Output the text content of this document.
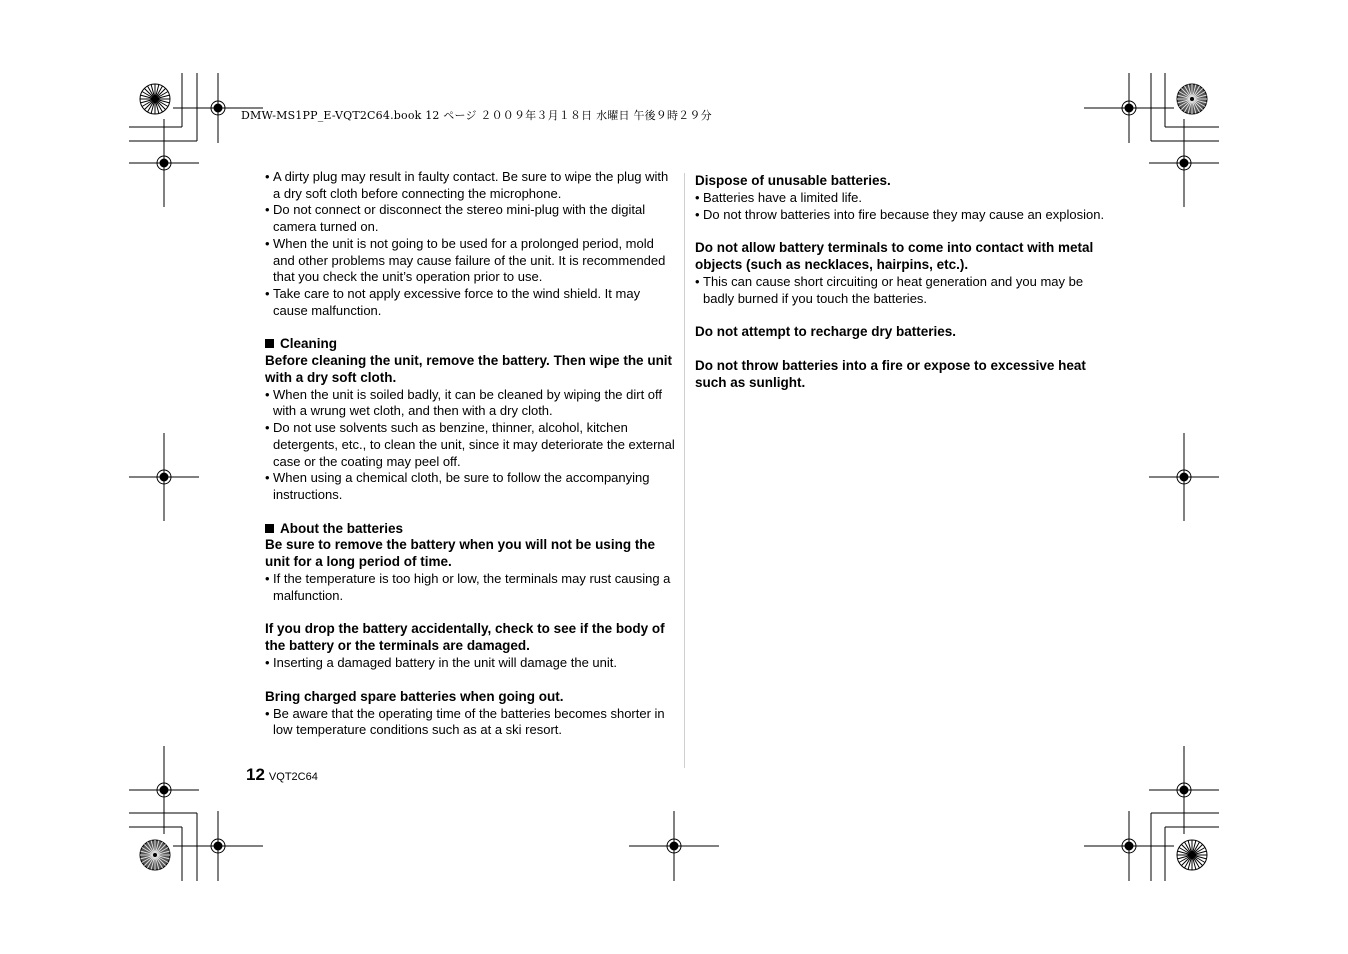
DMW-MS1PP_E-VQT2C64.book 12 ページ ２００９年３月１８日 水曜日 午後９時２９分

• A dirty plug may result in faulty contact. Be sure to wipe the plug with a dry soft cloth before connecting the microphone.

• Do not connect or disconnect the stereo mini-plug with the digital camera turned on.

• When the unit is not going to be used for a prolonged period, mold and other problems may cause failure of the unit. It is recommended that you check the unit’s operation prior to use.

• Take care to not apply excessive force to the wind shield. It may cause malfunction.

Cleaning

Before cleaning the unit, remove the battery. Then wipe the unit with a dry soft cloth.

• When the unit is soiled badly, it can be cleaned by wiping the dirt off with a wrung wet cloth, and then with a dry cloth.

• Do not use solvents such as benzine, thinner, alcohol, kitchen detergents, etc., to clean the unit, since it may deteriorate the external case or the coating may peel off.

• When using a chemical cloth, be sure to follow the accompanying instructions.

About the batteries

Be sure to remove the battery when you will not be using the unit for a long period of time.

• If the temperature is too high or low, the terminals may rust causing a malfunction.

If you drop the battery accidentally, check to see if the body of the battery or the terminals are damaged.

• Inserting a damaged battery in the unit will damage the unit.

Bring charged spare batteries when going out.

• Be aware that the operating time of the batteries becomes shorter in low temperature conditions such as at a ski resort.

Dispose of unusable batteries.

• Batteries have a limited life.

• Do not throw batteries into fire because they may cause an explosion.

Do not allow battery terminals to come into contact with metal objects (such as necklaces, hairpins, etc.).

• This can cause short circuiting or heat generation and you may be badly burned if you touch the batteries.

Do not attempt to recharge dry batteries.

Do not throw batteries into a fire or expose to excessive heat such as sunlight.

12 VQT2C64
